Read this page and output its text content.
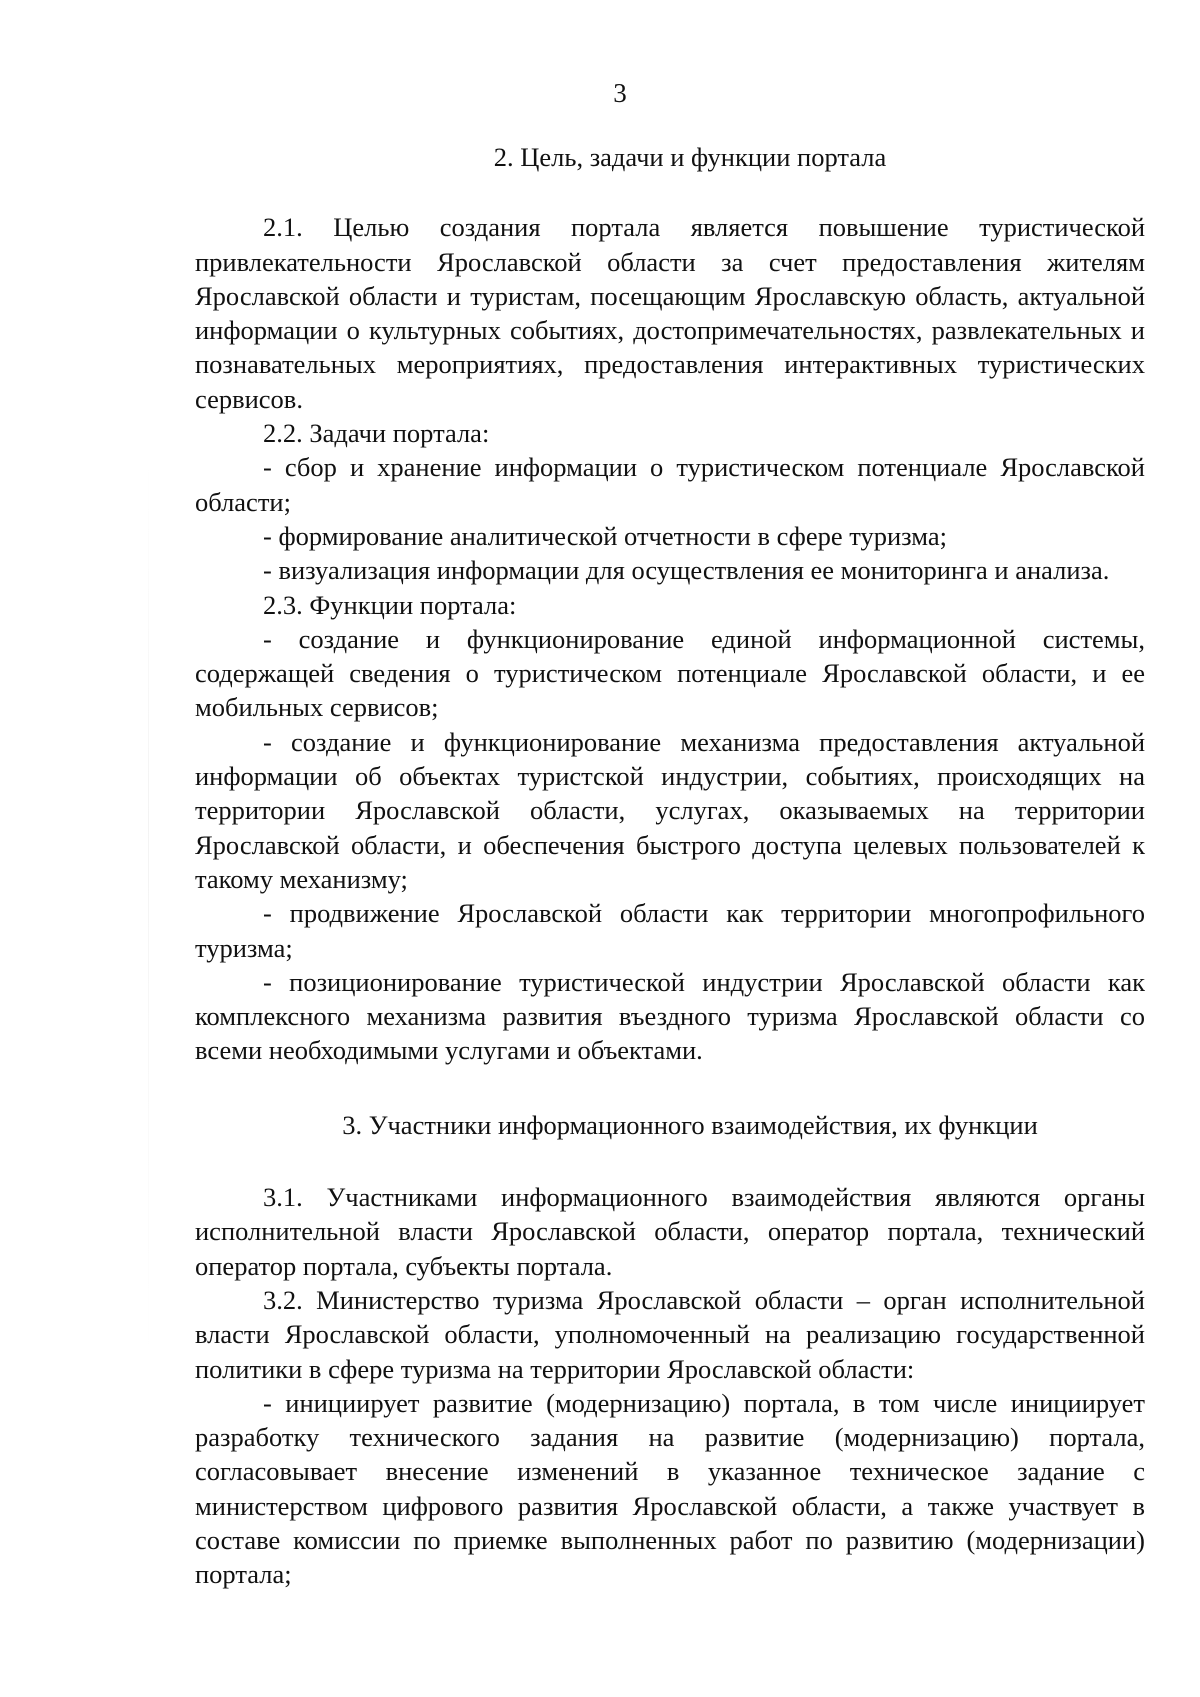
3
2. Цель, задачи и функции портала

2.1. Целью создания портала является повышение туристической привлекательности Ярославской области за счет предоставления жителям Ярославской области и туристам, посещающим Ярославскую область, актуальной информации о культурных событиях, достопримечательностях, развлекательных и познавательных мероприятиях, предоставления интерактивных туристических сервисов.

2.2. Задачи портала:

- сбор и хранение информации о туристическом потенциале Ярославской области;

- формирование аналитической отчетности в сфере туризма;

- визуализация информации для осуществления ее мониторинга и анализа.

2.3. Функции портала:

- создание и функционирование единой информационной системы, содержащей сведения о туристическом потенциале Ярославской области, и ее мобильных сервисов;

- создание и функционирование механизма предоставления актуальной информации об объектах туристской индустрии, событиях, происходящих на территории Ярославской области, услугах, оказываемых на территории Ярославской области, и обеспечения быстрого доступа целевых пользователей к такому механизму;

- продвижение Ярославской области как территории многопрофильного туризма;

- позиционирование туристической индустрии Ярославской области как комплексного механизма развития въездного туризма Ярославской области со всеми необходимыми услугами и объектами.

3. Участники информационного взаимодействия, их функции

3.1. Участниками информационного взаимодействия являются органы исполнительной власти Ярославской области, оператор портала, технический оператор портала, субъекты портала.

3.2. Министерство туризма Ярославской области – орган исполнительной власти Ярославской области, уполномоченный на реализацию государственной политики в сфере туризма на территории Ярославской области:

- инициирует развитие (модернизацию) портала, в том числе инициирует разработку технического задания на развитие (модернизацию) портала, согласовывает внесение изменений в указанное техническое задание с министерством цифрового развития Ярославской области, а также участвует в составе комиссии по приемке выполненных работ по развитию (модернизации) портала;
